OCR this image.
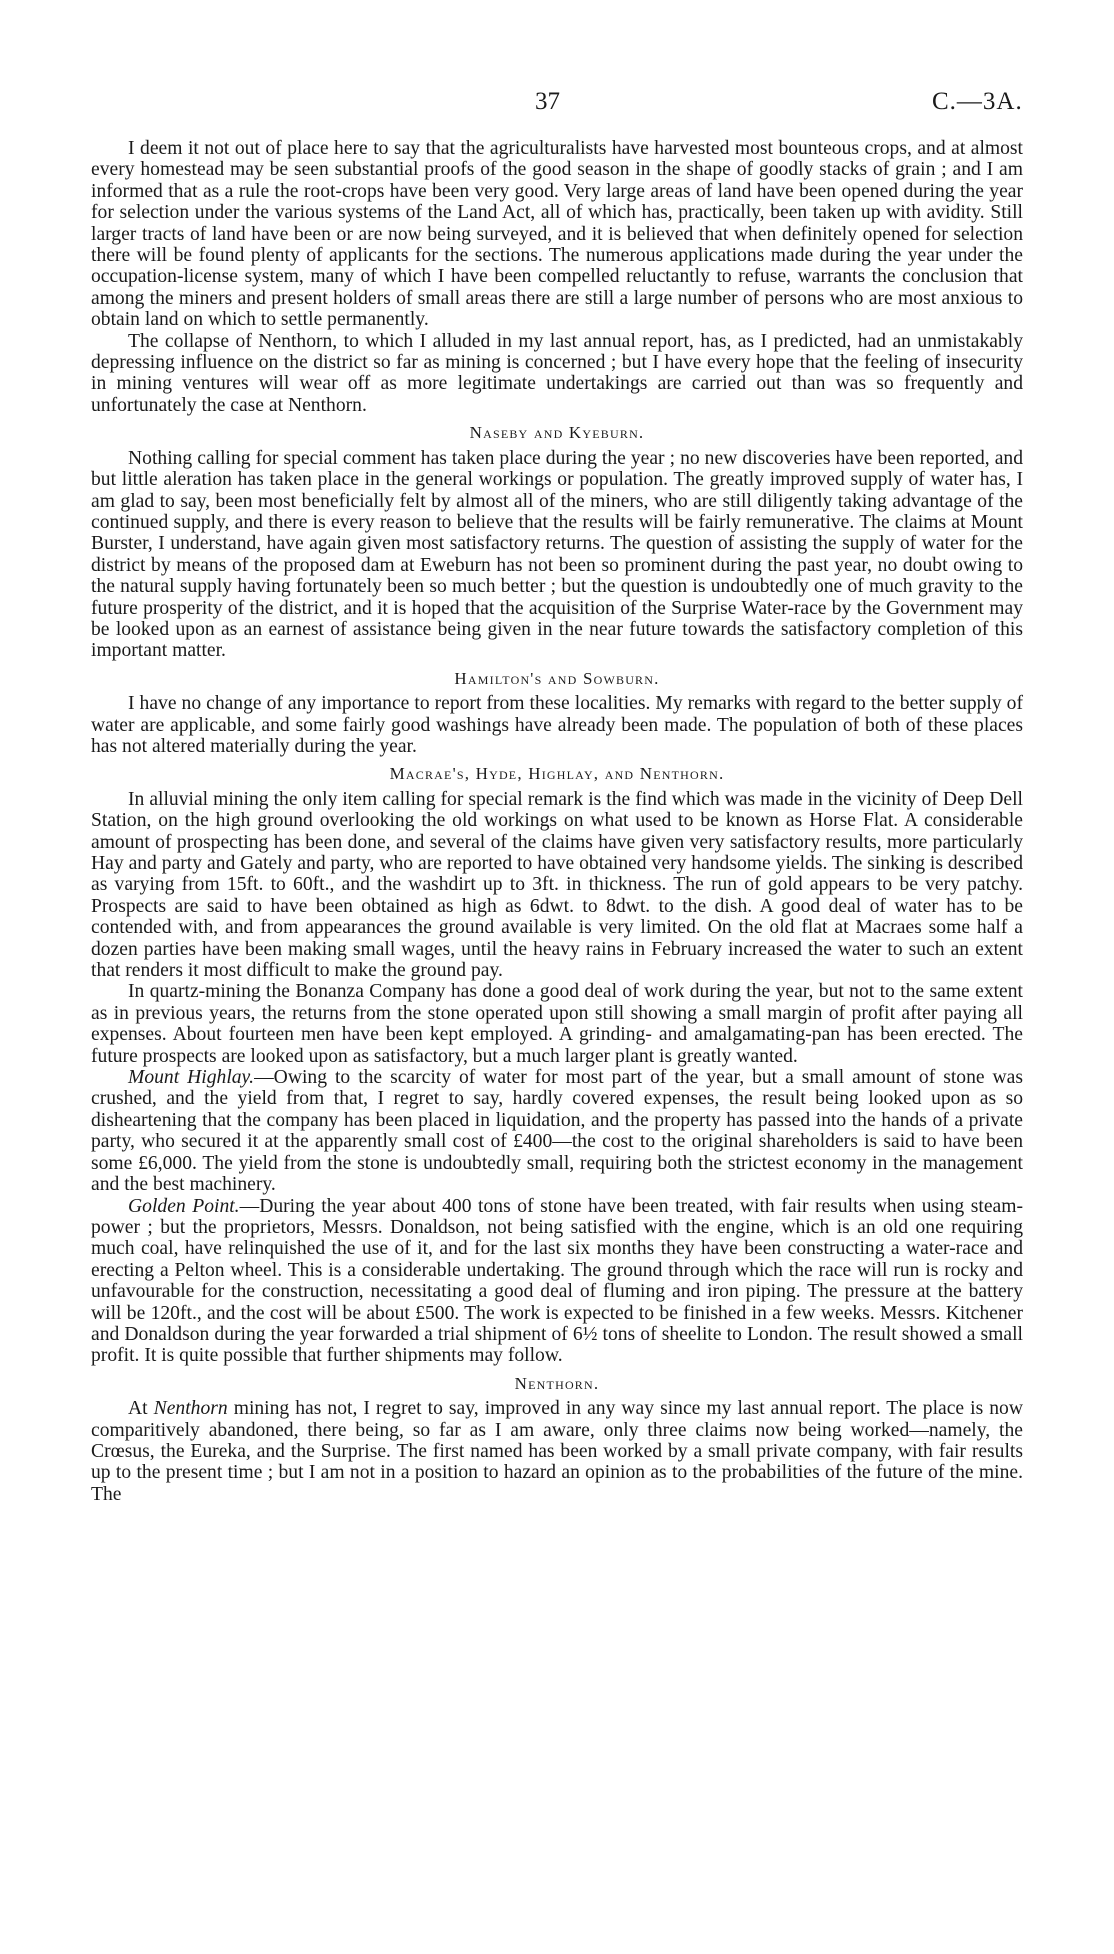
37	C.—3A.

I deem it not out of place here to say that the agriculturalists have harvested most bounteous crops, and at almost every homestead may be seen substantial proofs of the good season in the shape of goodly stacks of grain ; and I am informed that as a rule the root-crops have been very good. Very large areas of land have been opened during the year for selection under the various systems of the Land Act, all of which has, practically, been taken up with avidity. Still larger tracts of land have been or are now being surveyed, and it is believed that when definitely opened for selection there will be found plenty of applicants for the sections. The numerous applications made during the year under the occupation-license system, many of which I have been compelled reluctantly to refuse, warrants the conclusion that among the miners and present holders of small areas there are still a large number of persons who are most anxious to obtain land on which to settle permanently.

The collapse of Nenthorn, to which I alluded in my last annual report, has, as I predicted, had an unmistakably depressing influence on the district so far as mining is concerned ; but I have every hope that the feeling of insecurity in mining ventures will wear off as more legitimate undertakings are carried out than was so frequently and unfortunately the case at Nenthorn.

Naseby and Kyeburn.

Nothing calling for special comment has taken place during the year ; no new discoveries have been reported, and but little aleration has taken place in the general workings or population. The greatly improved supply of water has, I am glad to say, been most beneficially felt by almost all of the miners, who are still diligently taking advantage of the continued supply, and there is every reason to believe that the results will be fairly remunerative. The claims at Mount Burster, I understand, have again given most satisfactory returns. The question of assisting the supply of water for the district by means of the proposed dam at Eweburn has not been so prominent during the past year, no doubt owing to the natural supply having fortunately been so much better ; but the question is undoubtedly one of much gravity to the future prosperity of the district, and it is hoped that the acquisition of the Surprise Water-race by the Government may be looked upon as an earnest of assistance being given in the near future towards the satisfactory completion of this important matter.

Hamilton's and Sowburn.

I have no change of any importance to report from these localities. My remarks with regard to the better supply of water are applicable, and some fairly good washings have already been made. The population of both of these places has not altered materially during the year.

Macrae's, Hyde, Highlay, and Nenthorn.

In alluvial mining the only item calling for special remark is the find which was made in the vicinity of Deep Dell Station, on the high ground overlooking the old workings on what used to be known as Horse Flat. A considerable amount of prospecting has been done, and several of the claims have given very satisfactory results, more particularly Hay and party and Gately and party, who are reported to have obtained very handsome yields. The sinking is described as varying from 15ft. to 60ft., and the washdirt up to 3ft. in thickness. The run of gold appears to be very patchy. Prospects are said to have been obtained as high as 6dwt. to 8dwt. to the dish. A good deal of water has to be contended with, and from appearances the ground available is very limited. On the old flat at Macraes some half a dozen parties have been making small wages, until the heavy rains in February increased the water to such an extent that renders it most difficult to make the ground pay.

In quartz-mining the Bonanza Company has done a good deal of work during the year, but not to the same extent as in previous years, the returns from the stone operated upon still showing a small margin of profit after paying all expenses. About fourteen men have been kept employed. A grinding- and amalgamating-pan has been erected. The future prospects are looked upon as satisfactory, but a much larger plant is greatly wanted.

Mount Highlay.—Owing to the scarcity of water for most part of the year, but a small amount of stone was crushed, and the yield from that, I regret to say, hardly covered expenses, the result being looked upon as so disheartening that the company has been placed in liquidation, and the property has passed into the hands of a private party, who secured it at the apparently small cost of £400—the cost to the original shareholders is said to have been some £6,000. The yield from the stone is undoubtedly small, requiring both the strictest economy in the management and the best machinery.

Golden Point.—During the year about 400 tons of stone have been treated, with fair results when using steam-power ; but the proprietors, Messrs. Donaldson, not being satisfied with the engine, which is an old one requiring much coal, have relinquished the use of it, and for the last six months they have been constructing a water-race and erecting a Pelton wheel. This is a considerable undertaking. The ground through which the race will run is rocky and unfavourable for the construction, necessitating a good deal of fluming and iron piping. The pressure at the battery will be 120ft., and the cost will be about £500. The work is expected to be finished in a few weeks. Messrs. Kitchener and Donaldson during the year forwarded a trial shipment of 6½ tons of sheelite to London. The result showed a small profit. It is quite possible that further shipments may follow.

Nenthorn.

At Nenthorn mining has not, I regret to say, improved in any way since my last annual report. The place is now comparitively abandoned, there being, so far as I am aware, only three claims now being worked—namely, the Crœsus, the Eureka, and the Surprise. The first named has been worked by a small private company, with fair results up to the present time ; but I am not in a position to hazard an opinion as to the probabilities of the future of the mine. The
